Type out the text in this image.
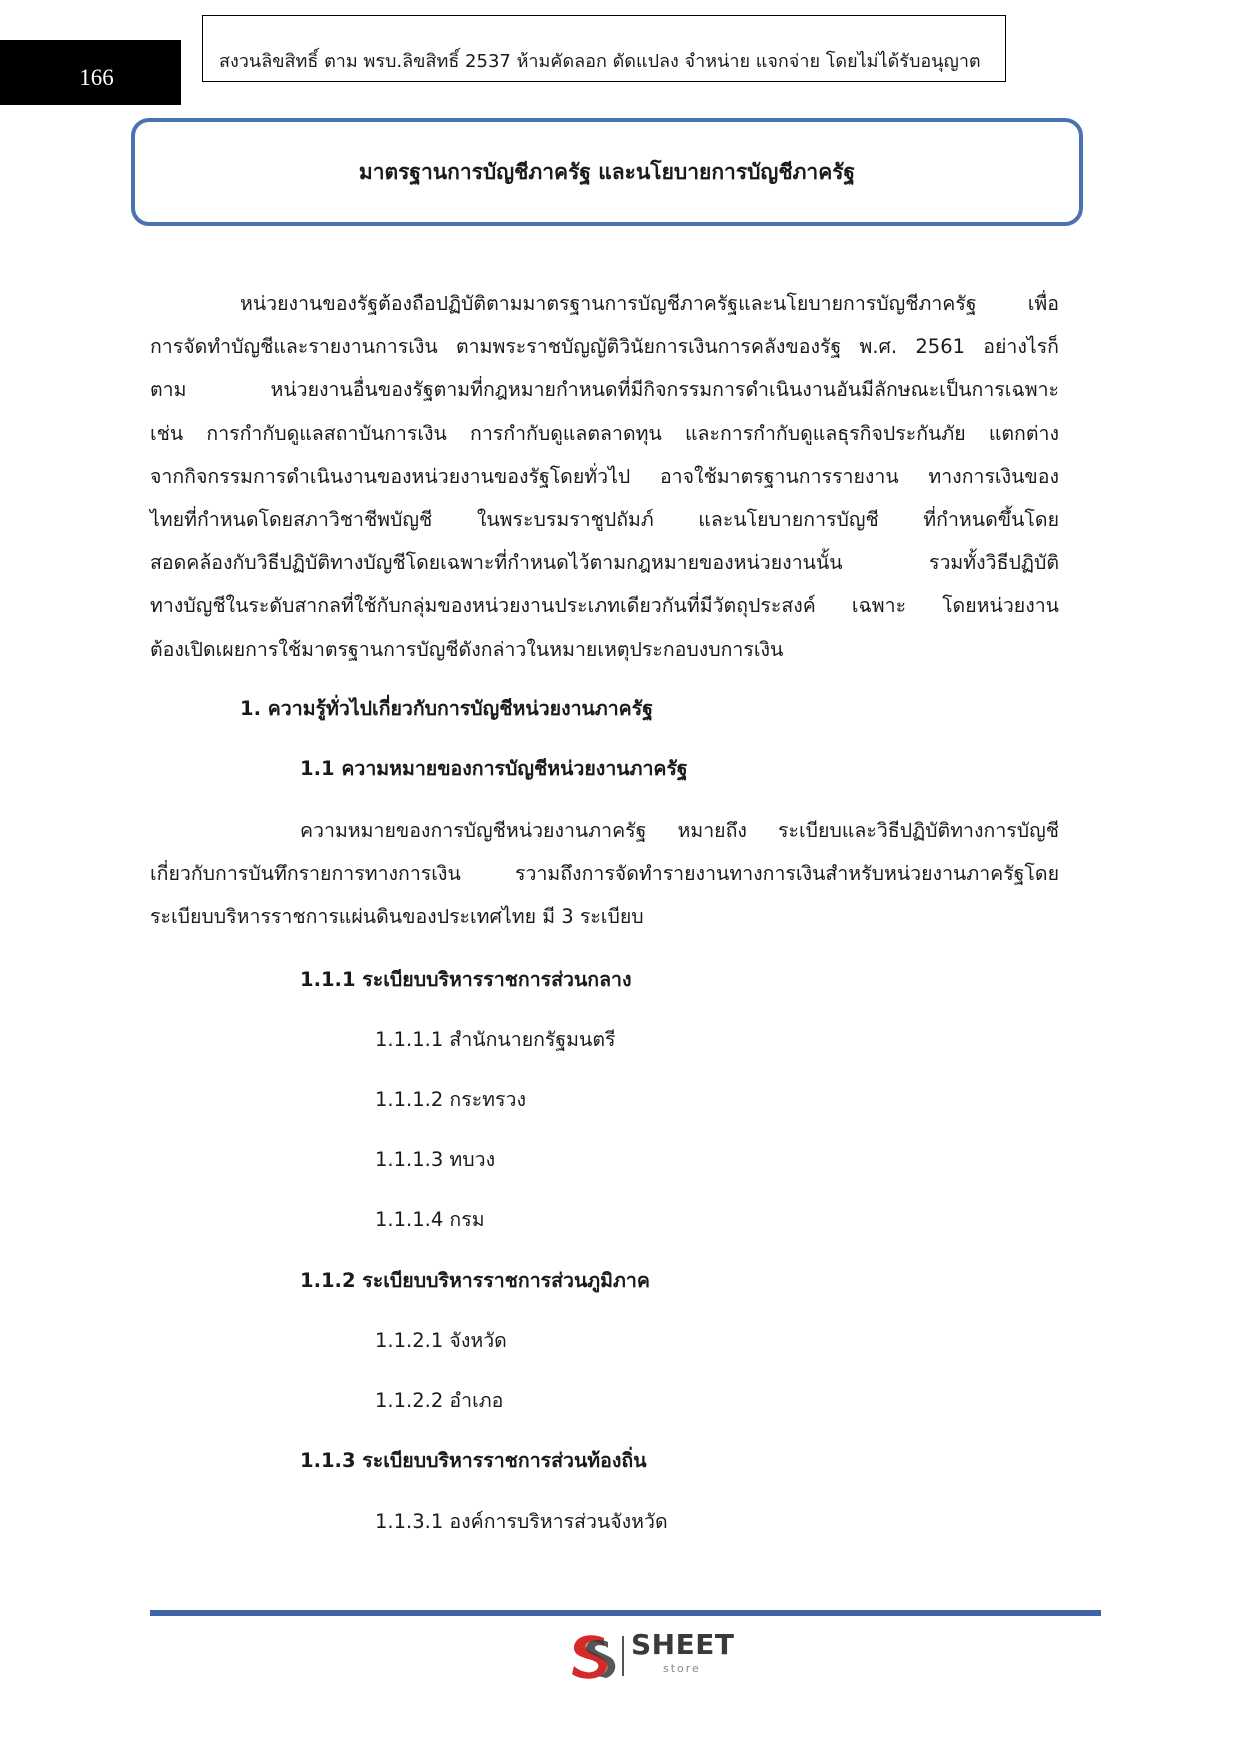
166
สงวนลิขสิทธิ์ ตาม พรบ.ลิขสิทธิ์ 2537 ห้ามคัดลอก ดัดแปลง จำหน่าย แจกจ่าย โดยไม่ได้รับอนุญาต
มาตรฐานการบัญชีภาครัฐ และนโยบายการบัญชีภาครัฐ

หน่วยงานของรัฐต้องถือปฏิบัติตามมาตรฐานการบัญชีภาครัฐและนโยบายการบัญชีภาครัฐ เพื่อ
การจัดทำบัญชีและรายงานการเงิน ตามพระราชบัญญัติวินัยการเงินการคลังของรัฐ พ.ศ. 2561 อย่างไรก็
ตาม หน่วยงานอื่นของรัฐตามที่กฎหมายกำหนดที่มีกิจกรรมการดำเนินงานอันมีลักษณะเป็นการเฉพาะ
เช่น การกำกับดูแลสถาบันการเงิน การกำกับดูแลตลาดทุน และการกำกับดูแลธุรกิจประกันภัย แตกต่าง
จากกิจกรรมการดำเนินงานของหน่วยงานของรัฐโดยทั่วไป อาจใช้มาตรฐานการรายงาน ทางการเงินของ
ไทยที่กำหนดโดยสภาวิชาชีพบัญชี ในพระบรมราชูปถัมภ์ และนโยบายการบัญชี ที่กำหนดขึ้นโดย
สอดคล้องกับวิธีปฏิบัติทางบัญชีโดยเฉพาะที่กำหนดไว้ตามกฎหมายของหน่วยงานนั้น รวมทั้งวิธีปฏิบัติ
ทางบัญชีในระดับสากลที่ใช้กับกลุ่มของหน่วยงานประเภทเดียวกันที่มีวัตถุประสงค์ เฉพาะ โดยหน่วยงาน
ต้องเปิดเผยการใช้มาตรฐานการบัญชีดังกล่าวในหมายเหตุประกอบงบการเงิน

1. ความรู้ทั่วไปเกี่ยวกับการบัญชีหน่วยงานภาครัฐ
1.1 ความหมายของการบัญชีหน่วยงานภาครัฐ

ความหมายของการบัญชีหน่วยงานภาครัฐ หมายถึง ระเบียบและวิธีปฏิบัติทางการบัญชี
เกี่ยวกับการบันทึกรายการทางการเงิน รวามถึงการจัดทำรายงานทางการเงินสำหรับหน่วยงานภาครัฐโดย
ระเบียบบริหารราชการแผ่นดินของประเทศไทย มี 3 ระเบียบ

1.1.1 ระเบียบบริหารราชการส่วนกลาง
1.1.1.1 สำนักนายกรัฐมนตรี
1.1.1.2 กระทรวง
1.1.1.3 ทบวง
1.1.1.4 กรม
1.1.2 ระเบียบบริหารราชการส่วนภูมิภาค
1.1.2.1 จังหวัด
1.1.2.2 อำเภอ
1.1.3 ระเบียบบริหารราชการส่วนท้องถิ่น
1.1.3.1 องค์การบริหารส่วนจังหวัด
SHEET
store
